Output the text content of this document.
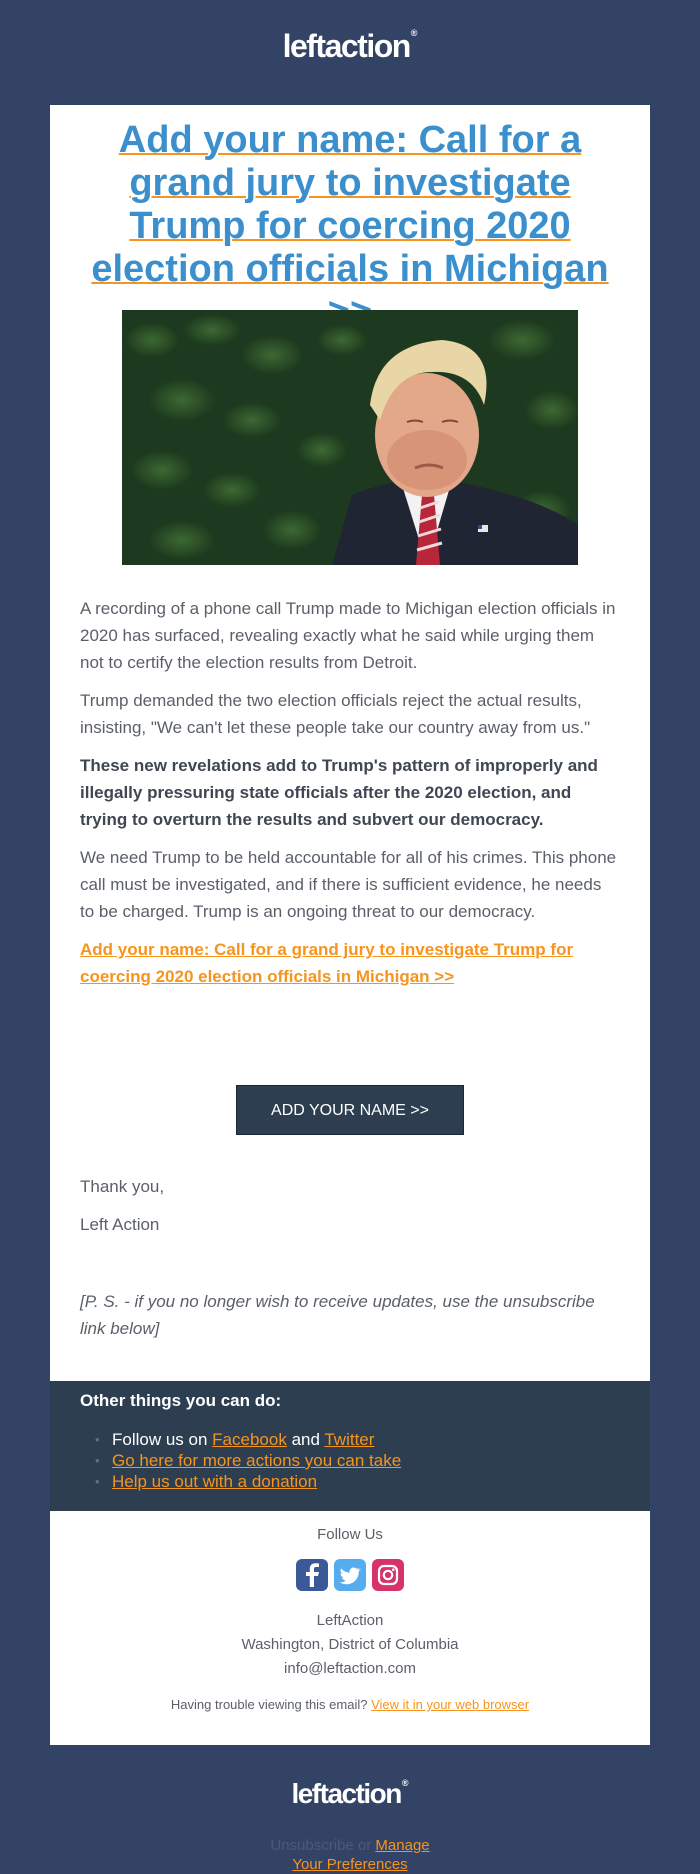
leftaction®
Add your name: Call for a grand jury to investigate Trump for coercing 2020 election officials in Michigan

A recording of a phone call Trump made to Michigan election officials in 2020 has surfaced, revealing exactly what he said while urging them not to certify the election results from Detroit.

Trump demanded the two election officials reject the actual results, insisting, "We can't let these people take our country away from us."

These new revelations add to Trump's pattern of improperly and illegally pressuring state officials after the 2020 election, and trying to overturn the results and subvert our democracy.

We need Trump to be held accountable for all of his crimes. This phone call must be investigated, and if there is sufficient evidence, he needs to be charged. Trump is an ongoing threat to our democracy.

Add your name: Call for a grand jury to investigate Trump for coercing 2020 election officials in Michigan >>

ADD YOUR NAME >>

Thank you,

Left Action

[P. S. - if you no longer wish to receive updates, use the unsubscribe link below]

Other things you can do:
• Follow us on Facebook and Twitter
• Go here for more actions you can take
• Help us out with a donation

Follow Us

LeftAction
Washington, District of Columbia
info@leftaction.com
Having trouble viewing this email? View it in your web browser
leftaction®
Unsubscribe or Manage
Your Preferences
